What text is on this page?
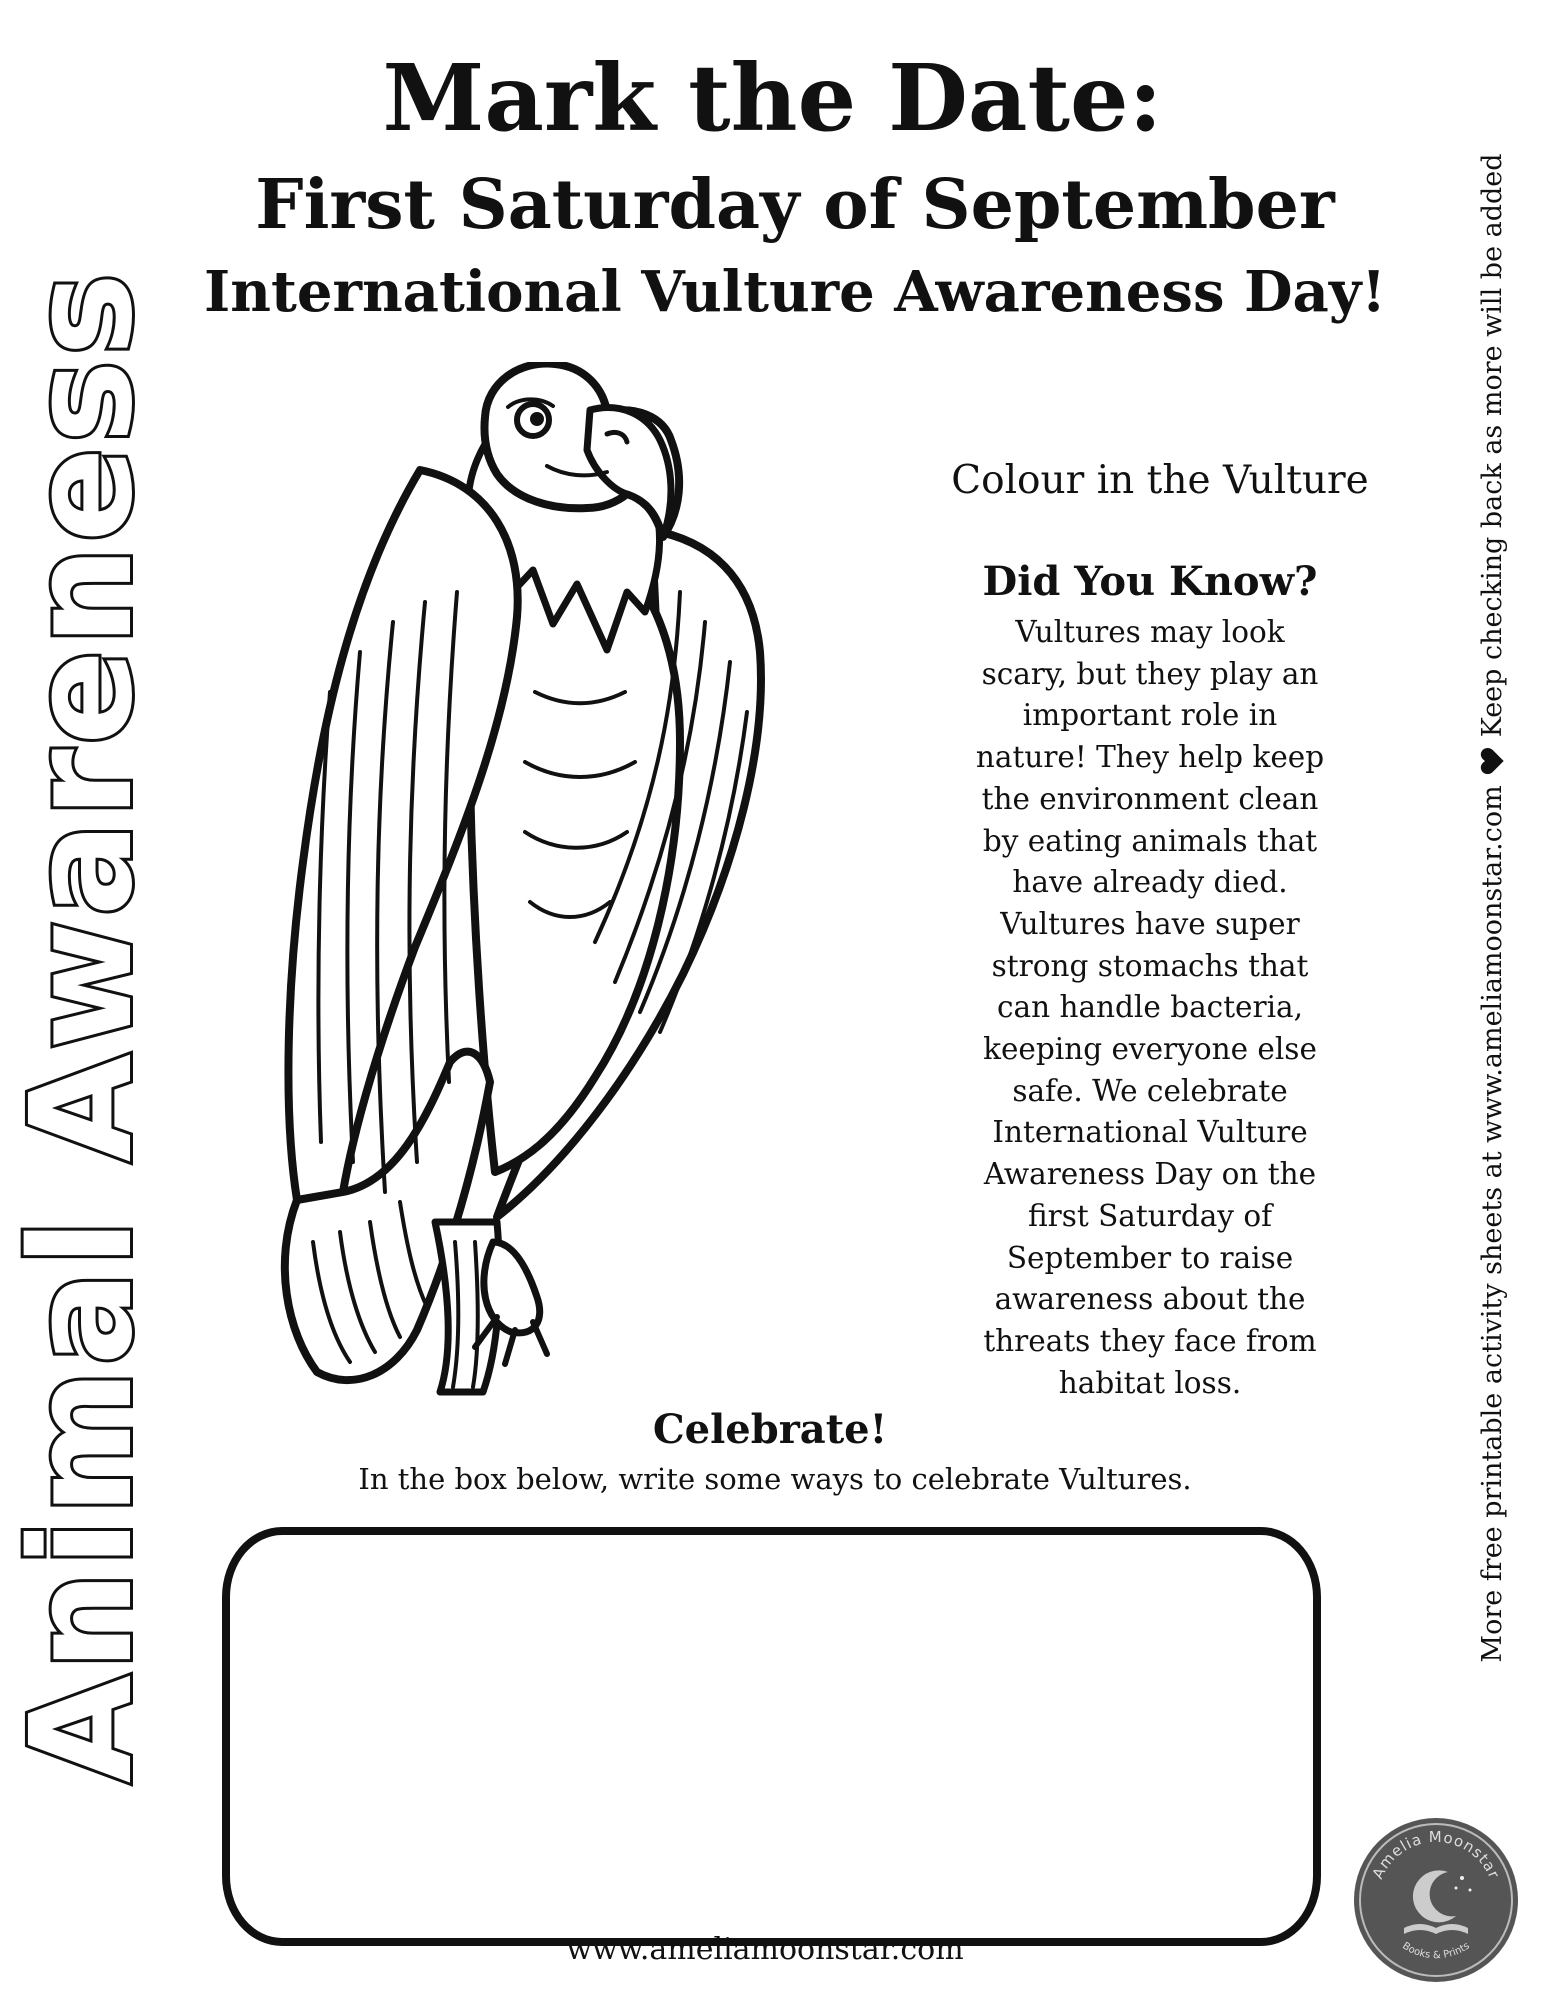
Mark the Date:
First Saturday of September
International Vulture Awareness Day!
Animal Awareness	More free printable activity sheets at www.ameliamoonstar.com
Keep checking back as more will be added
Colour in the Vulture
Did You Know?
Vultures may look
scary, but they play an
important role in
nature! They help keep
the environment clean
by eating animals that
have already died.
Vultures have super
strong stomachs that
can handle bacteria,
keeping everyone else
safe. We celebrate
International Vulture
Awareness Day on the
first Saturday of
September to raise
awareness about the
threats they face from
habitat loss.
Celebrate!
In the box below, write some ways to celebrate Vultures.
Amelia Moonstar
Books & Prints
www.ameliamoonstar.com
